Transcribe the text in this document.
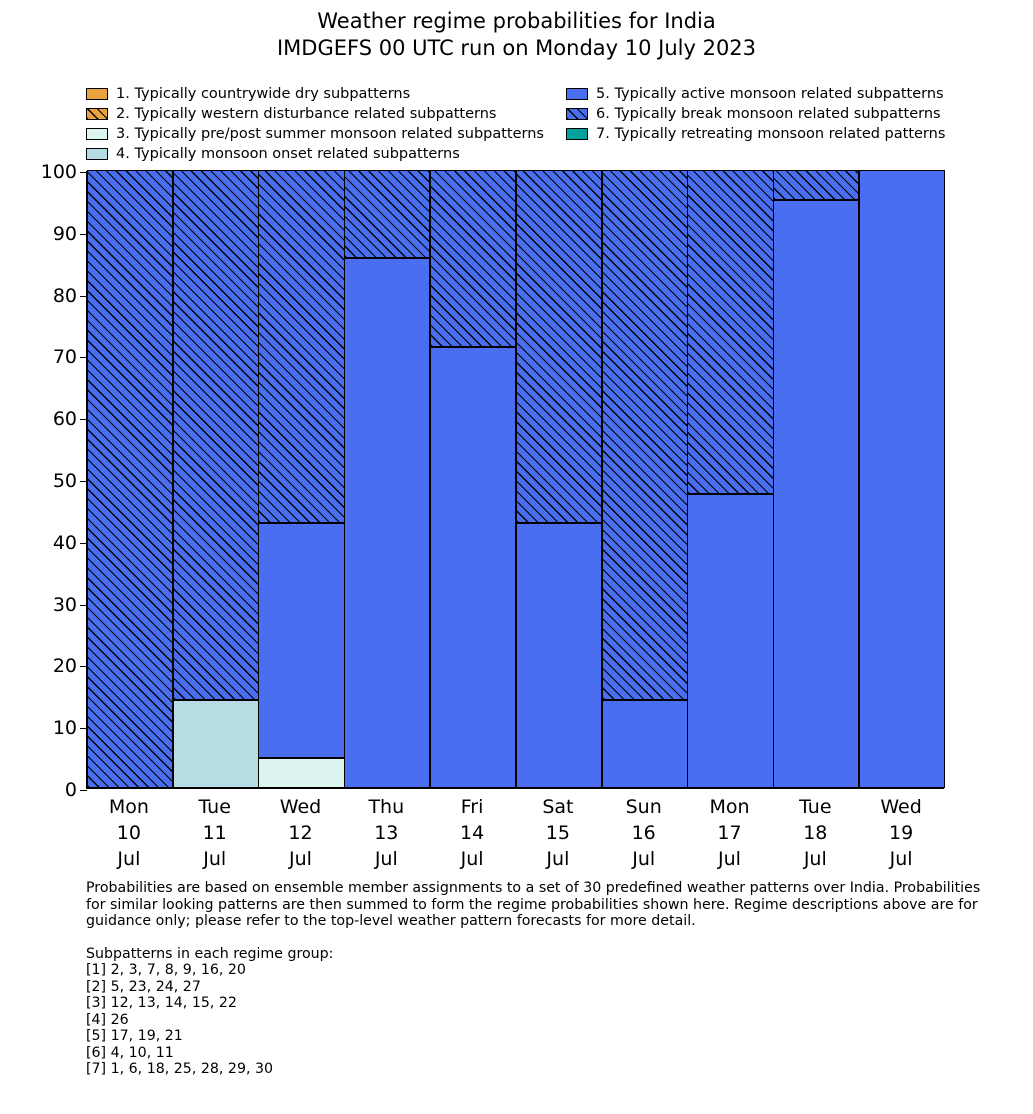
Weather regime probabilities for India
IMDGEFS 00 UTC run on Monday 10 July 2023
1. Typically countrywide dry subpatterns
2. Typically western disturbance related subpatterns
3. Typically pre/post summer monsoon related subpatterns
4. Typically monsoon onset related subpatterns
5. Typically active monsoon related subpatterns
6. Typically break monsoon related subpatterns
7. Typically retreating monsoon related patterns
0
10
20
30
40
50
60
70
80
90
100
Mon
10
Jul
Tue
11
Jul
Wed
12
Jul
Thu
13
Jul
Fri
14
Jul
Sat
15
Jul
Sun
16
Jul
Mon
17
Jul
Tue
18
Jul
Wed
19
Jul

Probabilities are based on ensemble member assignments to a set of 30 predefined weather patterns over India. Probabilities for similar looking patterns are then summed to form the regime probabilities shown here. Regime descriptions above are for guidance only; please refer to the top-level weather pattern forecasts for more detail.

Subpatterns in each regime group:

[1] 2, 3, 7, 8, 9, 16, 20
[2] 5, 23, 24, 27
[3] 12, 13, 14, 15, 22
[4] 26
[5] 17, 19, 21
[6] 4, 10, 11
[7] 1, 6, 18, 25, 28, 29, 30
